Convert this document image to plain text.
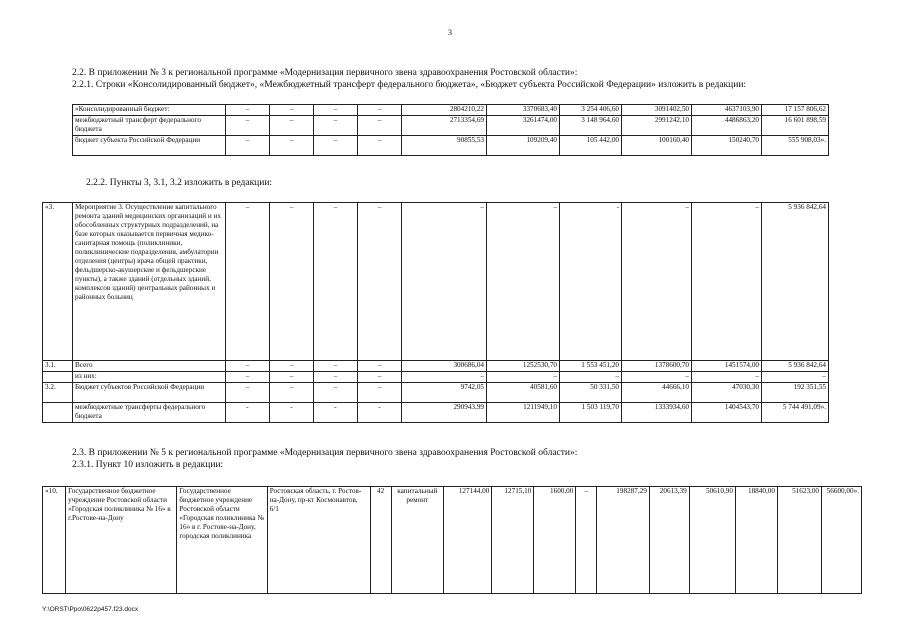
3
2.2. В приложении № 3 к региональной программе «Модернизация первичного звена здравоохранения Ростовской области»:
2.2.1. Строки «Консолидированный бюджет», «Межбюджетный трансферт федерального бюджета», «Бюджет субъекта Российской Федерации» изложить в редакции:
«Консолидированный бюджет:	–	–	–	–	2804210,22	3370683,40	3 254 406,60	3091402,50	4637103,90	17 157 806,62
межбюджетный трансферт федерального бюджета	–	–	–	–	2713354,69	3261474,00	3 148 964,60	2991242,10	4486863,20	16 601 898,59
бюджет субъекта Российской Федерации	–	–	–	–	90855,53	109209,40	105 442,00	100160,40	150240,70	555 908,03».
2.2.2. Пункты 3, 3.1, 3.2 изложить в редакции:
«3.	Мероприятие 3. Осуществление капитального ремонта зданий медицинских организаций и их обособленных структурных подразделений, на базе которых оказывается первичная медико-санитарная помощь (поликлиники, поликлинические подразделения, амбулатории отделения (центры) врача общей практики, фельдшерско-акушерские и фельдшерские пункты), а также зданий (отдельных зданий, комплексов зданий) центральных районных и районных больниц	–	–	–	–	–	–	-	–	–	5 936 842,64
3.1.	Всего	–	–	–	–	300686,04	1252530,70	1 553 451,20	1378600,70	1451574,00	5 936 842,64
	из них:	–	–	–	–	–	–	–	–	–	–
3.2.	Бюджет субъектов Российской Федерации	–	–	–	–	9742,05	40581,60	50 331,50	44666,10	47030,30	192 351,55
	межбюджетные трансферты федерального бюджета	-	-	-	-	290943,99	1211949,10	1 503 119,70	1333934,60	1404543,70	5 744 491,09».
2.3. В приложении № 5 к региональной программе «Модернизация первичного звена здравоохранения Ростовской области»:
2.3.1. Пункт 10 изложить в редакции:
«10.	Государственное бюджетное учреждение Ростовской области «Городская поликлиника № 16» в г.Ростове-на-Дону	Государственное бюджетное учреждение Ростовской области «Городская поликлиника № 16» в г. Ростове-на-Дону, городская поликлиника	Ростовская область, г. Ростов-на-Дону, пр-кт Космонавтов, 6/1	42	капитальный ремонт	127144,00	12715,10	1600,00	–	198287,29	20613,39	50610,90	18840,00	51623,00	56600,00».
Y:\ORST\Ppo\0622p457.f23.docx
